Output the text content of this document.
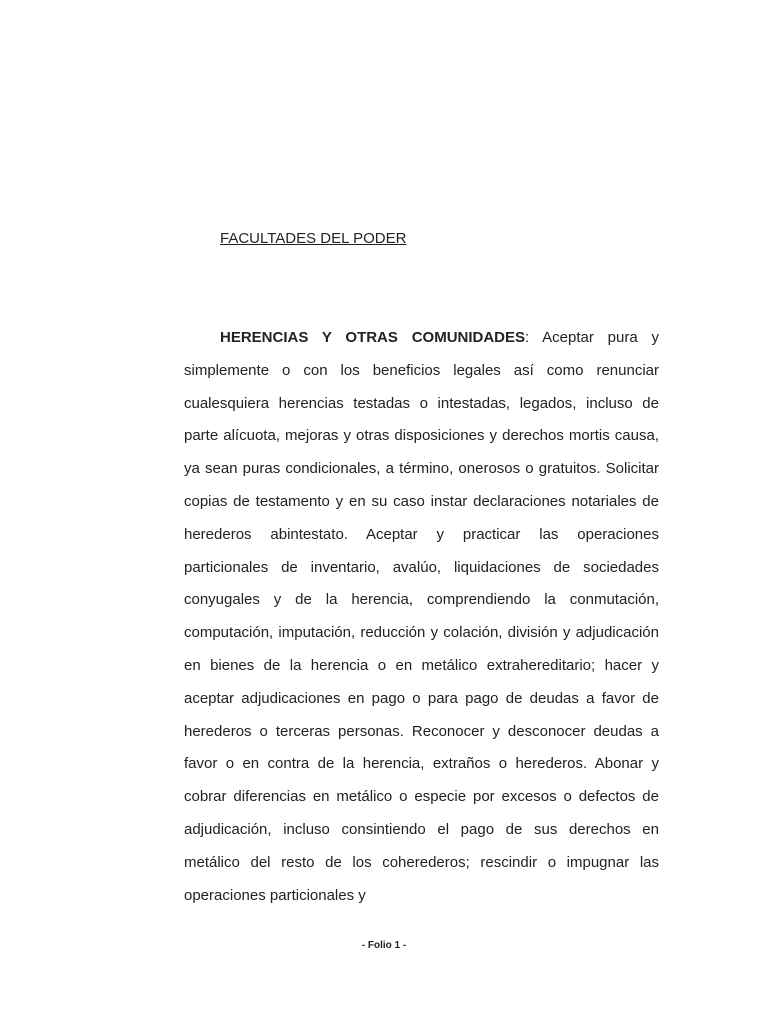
FACULTADES DEL PODER

HERENCIAS Y OTRAS COMUNIDADES: Aceptar pura y simplemente o con los beneficios legales así como renunciar cualesquiera herencias testadas o intestadas, legados, incluso de parte alícuota, mejoras y otras disposiciones y derechos mortis causa, ya sean puras condicionales, a término, onerosos o gratuitos. Solicitar copias de testamento y en su caso instar declaraciones notariales de herederos abintestato. Aceptar y practicar las operaciones particionales de inventario, avalúo, liquidaciones de sociedades conyugales y de la herencia, comprendiendo la conmutación, computación, imputación, reducción y colación, división y adjudicación en bienes de la herencia o en metálico extrahereditario; hacer y aceptar adjudicaciones en pago o para pago de deudas a favor de herederos o terceras personas. Reconocer y desconocer deudas a favor o en contra de la herencia, extraños o herederos. Abonar y cobrar diferencias en metálico o especie por excesos o defectos de adjudicación, incluso consintiendo el pago de sus derechos en metálico del resto de los coherederos; rescindir o impugnar las operaciones particionales y

- Folio 1 -
